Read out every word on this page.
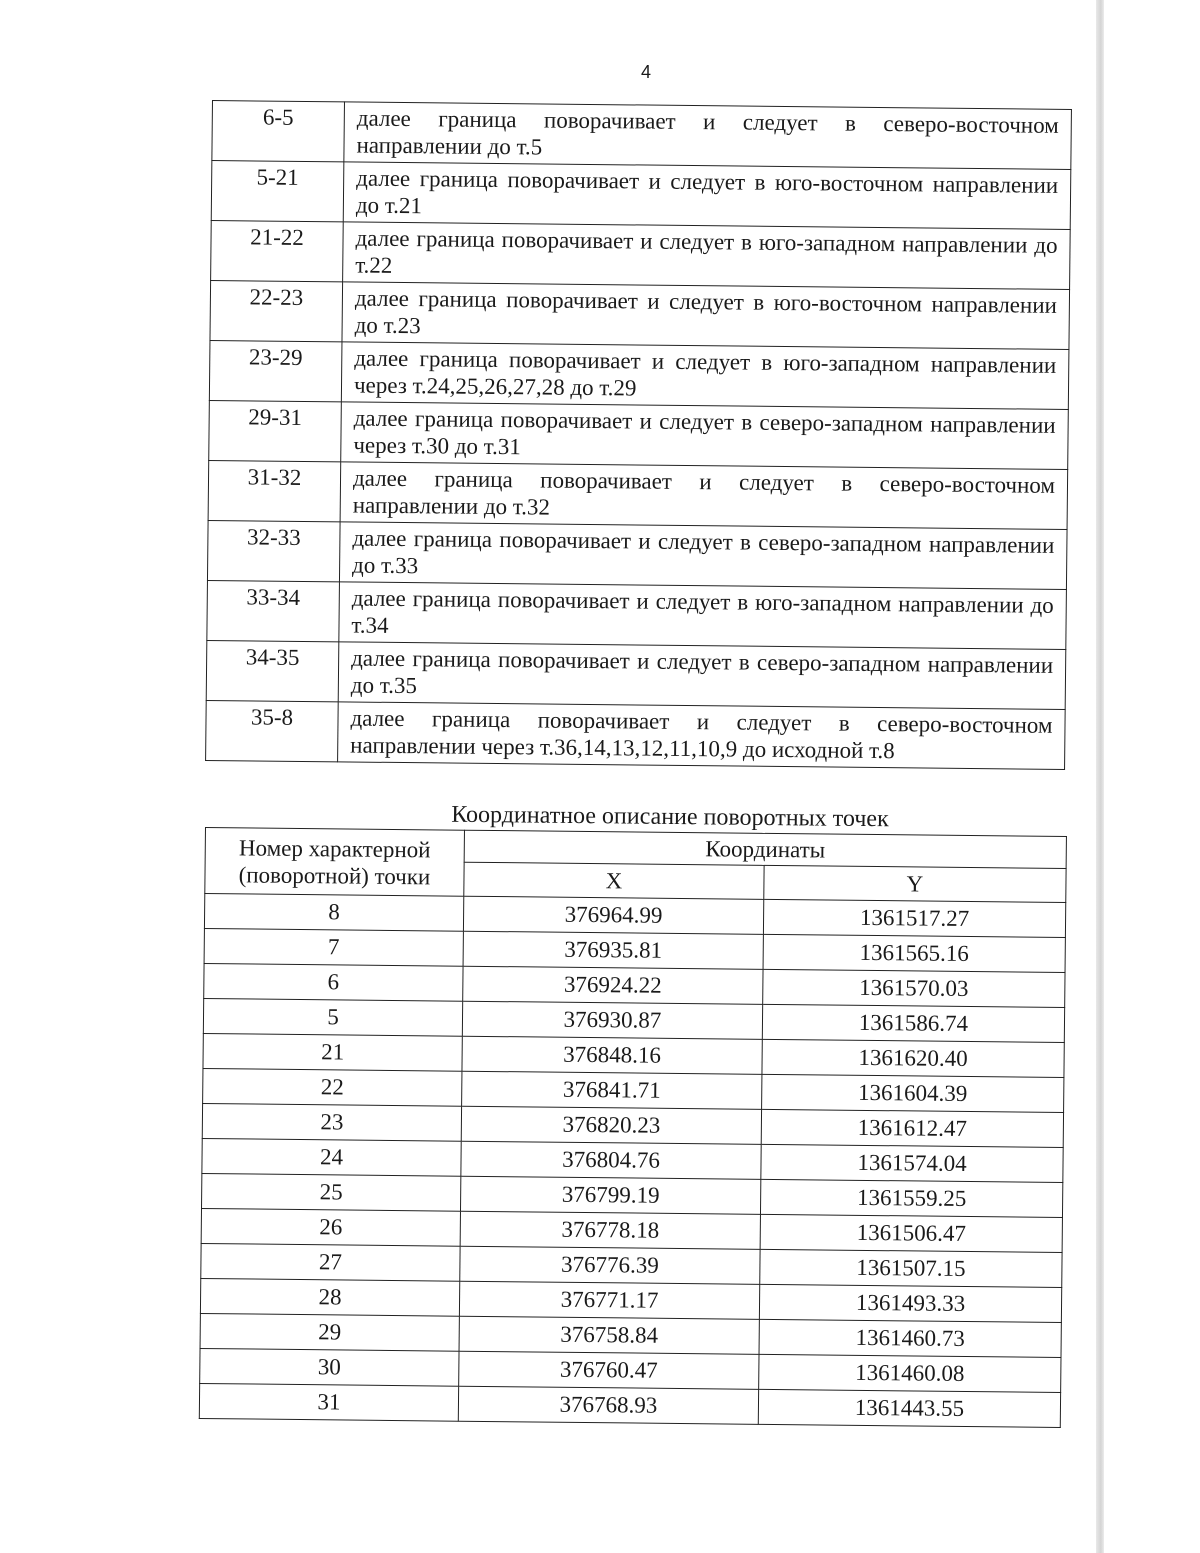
4
6-5	далее граница поворачивает и следует в северо-восточном направлении до т.5
5-21	далее граница поворачивает и следует в юго-восточном направлении до т.21
21-22	далее граница поворачивает и следует в юго-западном направлении до т.22
22-23	далее граница поворачивает и следует в юго-восточном направлении до т.23
23-29	далее граница поворачивает и следует в юго-западном направлении через т.24,25,26,27,28 до т.29
29-31	далее граница поворачивает и следует в северо-западном направлении через т.30 до т.31
31-32	далее граница поворачивает и следует в северо-восточном направлении до т.32
32-33	далее граница поворачивает и следует в северо-западном направлении до т.33
33-34	далее граница поворачивает и следует в юго-западном направлении до т.34
34-35	далее граница поворачивает и следует в северо-западном направлении до т.35
35-8	далее граница поворачивает и следует в северо-восточном направлении через т.36,14,13,12,11,10,9 до исходной т.8
Координатное описание поворотных точек
Номер характерной (поворотной) точки	Координаты	
	X	Y
8	376964.99	1361517.27
7	376935.81	1361565.16
6	376924.22	1361570.03
5	376930.87	1361586.74
21	376848.16	1361620.40
22	376841.71	1361604.39
23	376820.23	1361612.47
24	376804.76	1361574.04
25	376799.19	1361559.25
26	376778.18	1361506.47
27	376776.39	1361507.15
28	376771.17	1361493.33
29	376758.84	1361460.73
30	376760.47	1361460.08
31	376768.93	1361443.55
